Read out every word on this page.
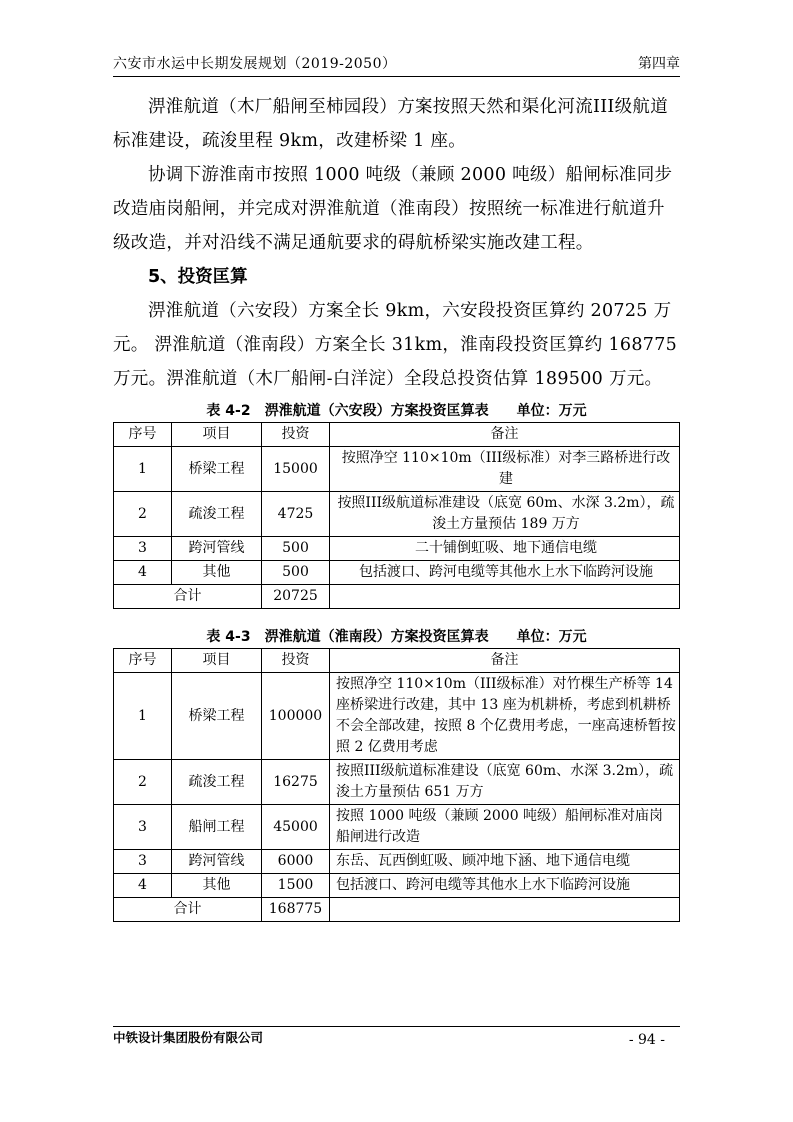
六安市水运中长期发展规划（2019-2050）	第四章

淠淮航道（木厂船闸至柿园段）方案按照天然和渠化河流III级航道标准建设，疏浚里程 9km，改建桥梁 1 座。

协调下游淮南市按照 1000 吨级（兼顾 2000 吨级）船闸标准同步改造庙岗船闸，并完成对淠淮航道（淮南段）按照统一标准进行航道升级改造，并对沿线不满足通航要求的碍航桥梁实施改建工程。

5、投资匡算

淠淮航道（六安段）方案全长 9km，六安段投资匡算约 20725 万元。 淠淮航道（淮南段）方案全长 31km，淮南段投资匡算约 168775 万元。淠淮航道（木厂船闸-白洋淀）全段总投资估算 189500 万元。

表 4-2　淠淮航道（六安段）方案投资匡算表　　单位：万元
序号	项目	投资	备注
1	桥梁工程	15000	按照净空 110×10m（III级标准）对李三路桥进行改建
2	疏浚工程	4725	按照III级航道标准建设（底宽 60m、水深 3.2m），疏浚土方量预估 189 万方
3	跨河管线	500	二十铺倒虹吸、地下通信电缆
4	其他	500	包括渡口、跨河电缆等其他水上水下临跨河设施
合计		20725	
表 4-3　淠淮航道（淮南段）方案投资匡算表　　单位：万元
序号	项目	投资	备注
1	桥梁工程	100000	按照净空 110×10m（III级标准）对竹棵生产桥等 14 座桥梁进行改建，其中 13 座为机耕桥，考虑到机耕桥不会全部改建，按照 8 个亿费用考虑，一座高速桥暂按照 2 亿费用考虑
2	疏浚工程	16275	按照III级航道标准建设（底宽 60m、水深 3.2m），疏浚土方量预估 651 万方
3	船闸工程	45000	按照 1000 吨级（兼顾 2000 吨级）船闸标准对庙岗船闸进行改造
3	跨河管线	6000	东岳、瓦西倒虹吸、顾冲地下涵、地下通信电缆
4	其他	1500	包括渡口、跨河电缆等其他水上水下临跨河设施
合计		168775	
中铁设计集团股份有限公司	- 94 -
